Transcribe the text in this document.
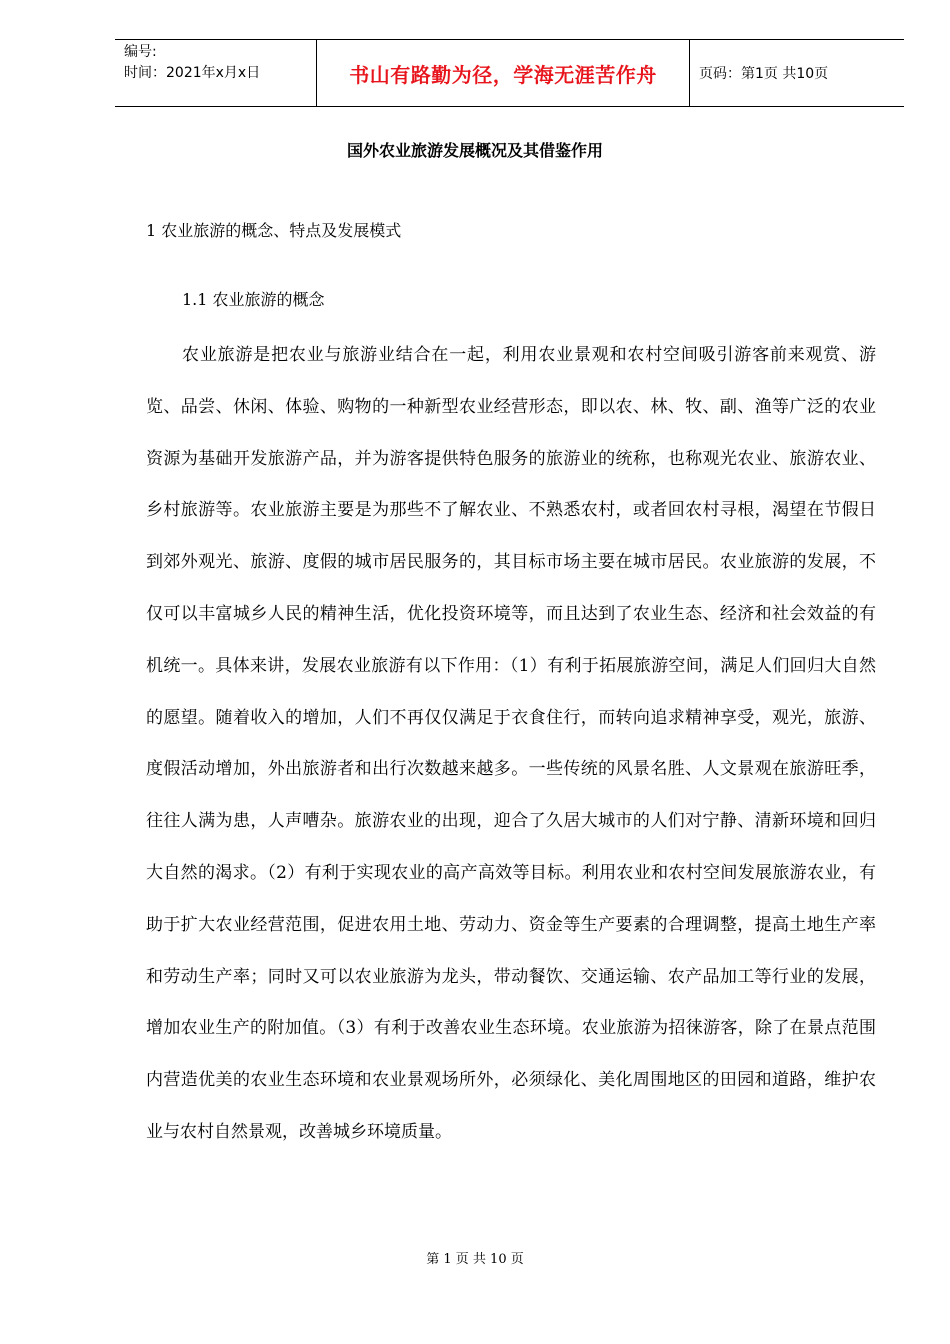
编号:
时间：2021年x月x日	书山有路勤为径，学海无涯苦作舟	页码：第1页 共10页
国外农业旅游发展概况及其借鉴作用
1 农业旅游的概念、特点及发展模式
1.1 农业旅游的概念

农业旅游是把农业与旅游业结合在一起，利用农业景观和农村空间吸引游客前来观赏、游览、品尝、休闲、体验、购物的一种新型农业经营形态，即以农、林、牧、副、渔等广泛的农业资源为基础开发旅游产品，并为游客提供特色服务的旅游业的统称，也称观光农业、旅游农业、乡村旅游等。农业旅游主要是为那些不了解农业、不熟悉农村，或者回农村寻根，渴望在节假日到郊外观光、旅游、度假的城市居民服务的，其目标市场主要在城市居民。农业旅游的发展，不仅可以丰富城乡人民的精神生活，优化投资环境等，而且达到了农业生态、经济和社会效益的有机统一。具体来讲，发展农业旅游有以下作用：（1）有利于拓展旅游空间，满足人们回归大自然的愿望。随着收入的增加，人们不再仅仅满足于衣食住行，而转向追求精神享受，观光，旅游、度假活动增加，外出旅游者和出行次数越来越多。一些传统的风景名胜、人文景观在旅游旺季，往往人满为患，人声嘈杂。旅游农业的出现，迎合了久居大城市的人们对宁静、清新环境和回归大自然的渴求。（2）有利于实现农业的高产高效等目标。利用农业和农村空间发展旅游农业，有助于扩大农业经营范围，促进农用土地、劳动力、资金等生产要素的合理调整，提高土地生产率和劳动生产率；同时又可以农业旅游为龙头，带动餐饮、交通运输、农产品加工等行业的发展，增加农业生产的附加值。（3）有利于改善农业生态环境。农业旅游为招徕游客，除了在景点范围内营造优美的农业生态环境和农业景观场所外，必须绿化、美化周围地区的田园和道路，维护农业与农村自然景观，改善城乡环境质量。

第 1 页 共 10 页
